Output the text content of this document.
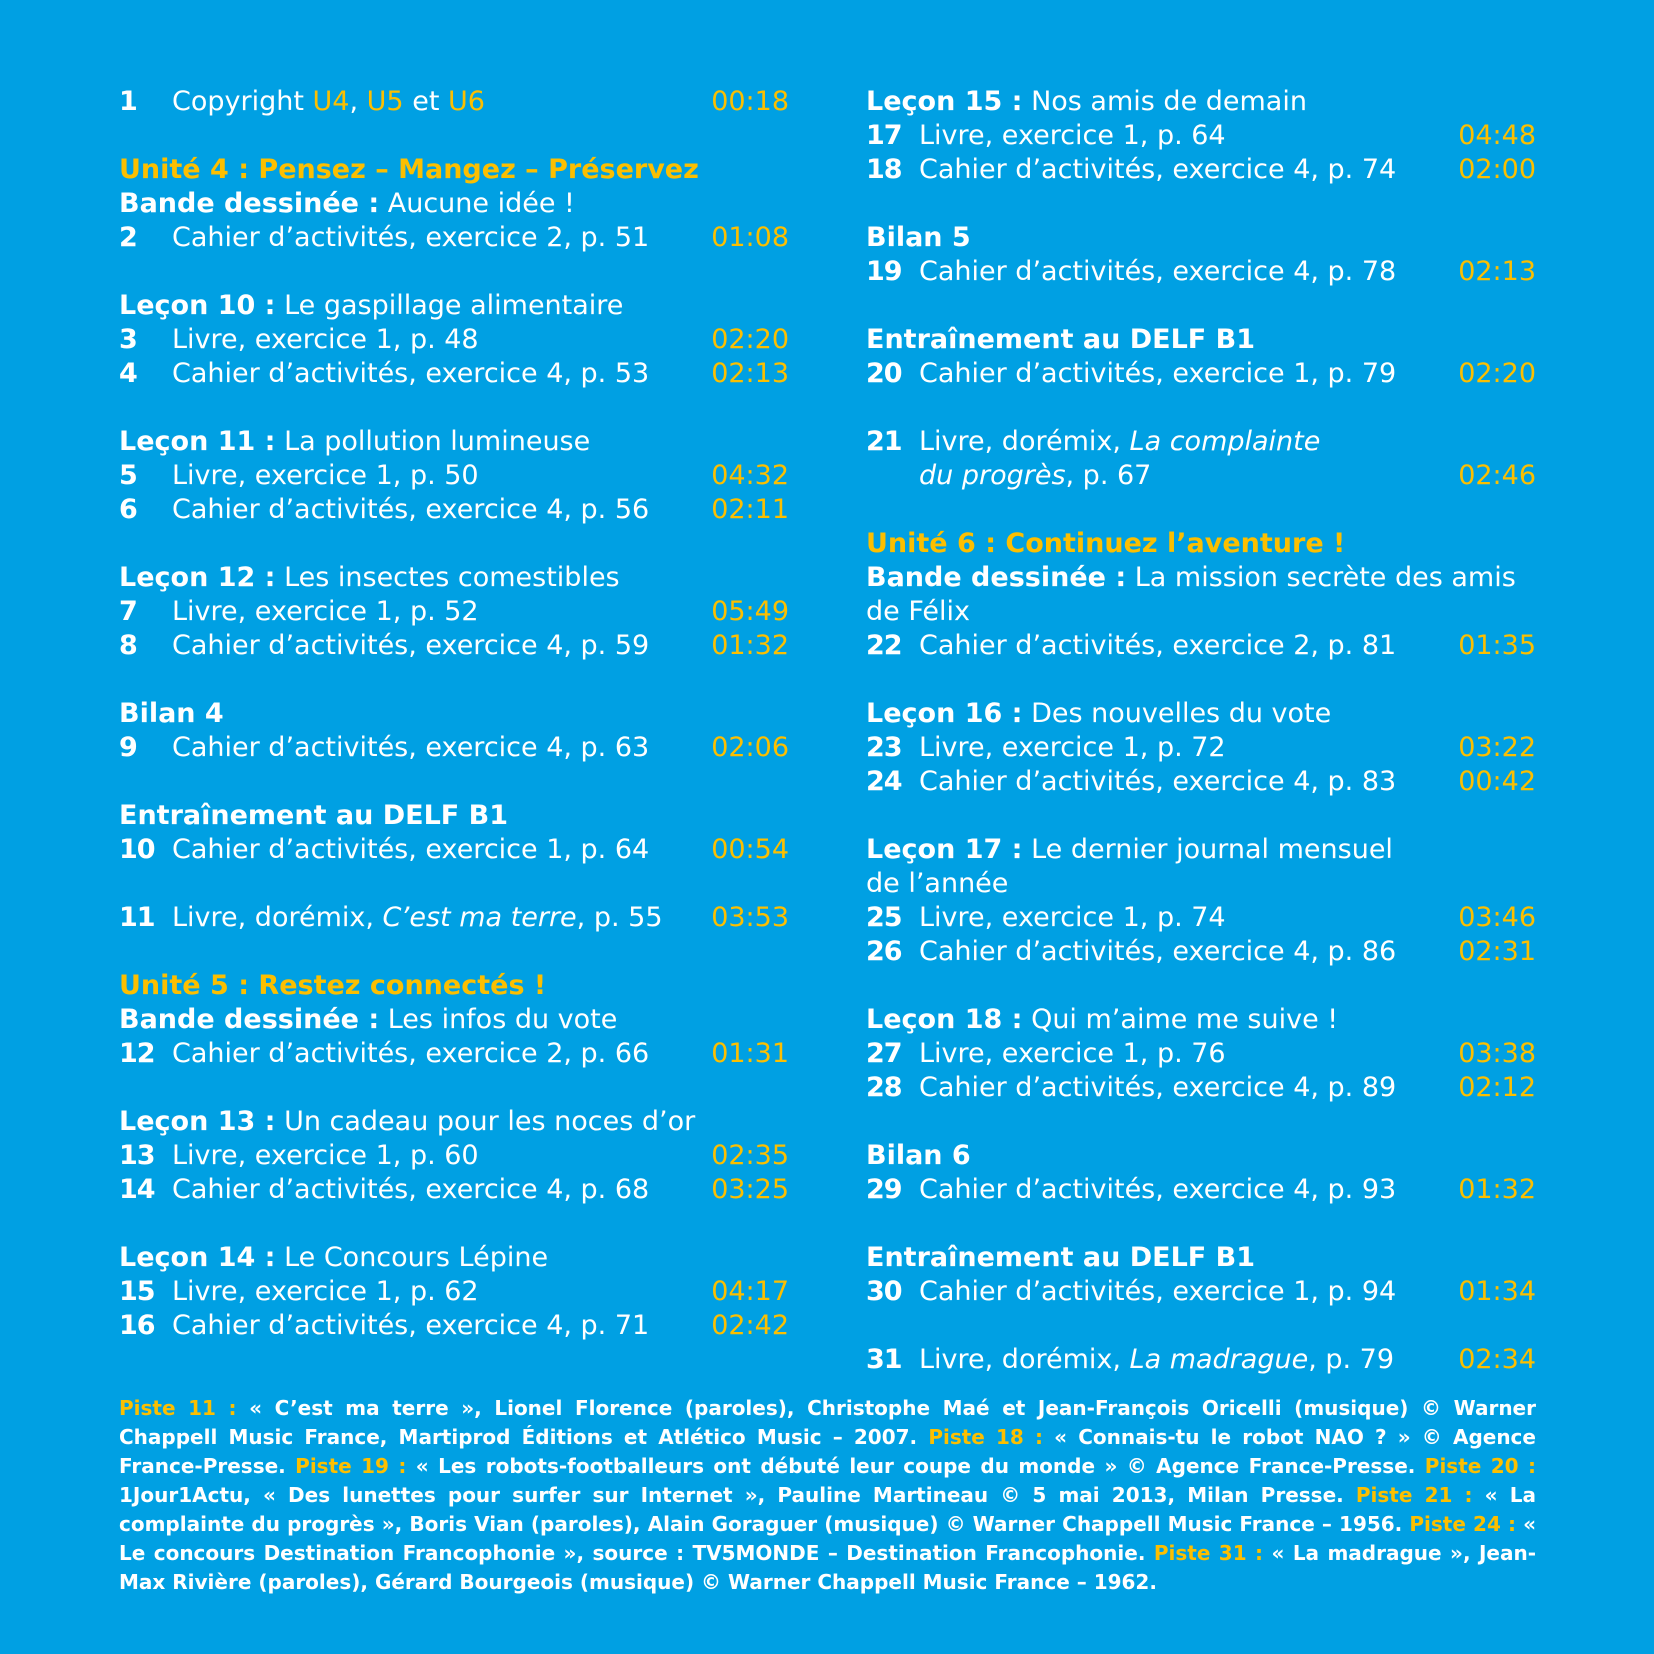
1	Copyright U4, U5 et U6	00:18
Unité 4 : Pensez – Mangez – Préservez
Bande dessinée : Aucune idée !
2	Cahier d’activités, exercice 2, p. 51	01:08
Leçon 10 : Le gaspillage alimentaire
3	Livre, exercice 1, p. 48	02:20
4	Cahier d’activités, exercice 4, p. 53	02:13
Leçon 11 : La pollution lumineuse
5	Livre, exercice 1, p. 50	04:32
6	Cahier d’activités, exercice 4, p. 56	02:11
Leçon 12 : Les insectes comestibles
7	Livre, exercice 1, p. 52	05:49
8	Cahier d’activités, exercice 4, p. 59	01:32
Bilan 4
9	Cahier d’activités, exercice 4, p. 63	02:06
Entraînement au DELF B1
10 Cahier d’activités, exercice 1, p. 64	00:54
11 Livre, dorémix, C’est ma terre, p. 55	03:53
Unité 5 : Restez connectés !
Bande dessinée : Les infos du vote
12 Cahier d’activités, exercice 2, p. 66	01:31
Leçon 13 : Un cadeau pour les noces d’or
13 Livre, exercice 1, p. 60	02:35
14 Cahier d’activités, exercice 4, p. 68	03:25
Leçon 14 : Le Concours Lépine
15 Livre, exercice 1, p. 62	04:17
16 Cahier d’activités, exercice 4, p. 71	02:42
Leçon 15 : Nos amis de demain
17 Livre, exercice 1, p. 64	04:48
18 Cahier d’activités, exercice 4, p. 74	02:00
Bilan 5
19 Cahier d’activités, exercice 4, p. 78	02:13
Entraînement au DELF B1
20 Cahier d’activités, exercice 1, p. 79	02:20
21 Livre, dorémix, La complainte
du progrès, p. 67	02:46
Unité 6 : Continuez l’aventure !
Bande dessinée : La mission secrète des amis
de Félix
22 Cahier d’activités, exercice 2, p. 81	01:35
Leçon 16 : Des nouvelles du vote
23 Livre, exercice 1, p. 72	03:22
24 Cahier d’activités, exercice 4, p. 83	00:42
Leçon 17 : Le dernier journal mensuel
de l’année
25 Livre, exercice 1, p. 74	03:46
26 Cahier d’activités, exercice 4, p. 86	02:31
Leçon 18 : Qui m’aime me suive !
27 Livre, exercice 1, p. 76	03:38
28 Cahier d’activités, exercice 4, p. 89	02:12
Bilan 6
29 Cahier d’activités, exercice 4, p. 93	01:32
Entraînement au DELF B1
30 Cahier d’activités, exercice 1, p. 94	01:34
31 Livre, dorémix, La madrague, p. 79	02:34
Piste 11 : « C’est ma terre », Lionel Florence (paroles), Christophe Maé et Jean-François Oricelli (musique) © Warner Chappell Music France, Martiprod Éditions et Atlético Music – 2007. Piste 18 : « Connais-tu le robot NAO ? » © Agence France-Presse. Piste 19 : « Les robots-footballeurs ont débuté leur coupe du monde » © Agence France-Presse. Piste 20 : 1Jour1Actu, « Des lunettes pour surfer sur Internet », Pauline Martineau © 5 mai 2013, Milan Presse. Piste 21 : « La complainte du progrès », Boris Vian (paroles), Alain Goraguer (musique) © Warner Chappell Music France – 1956. Piste 24 : « Le concours Destination Francophonie », source : TV5MONDE – Destination Francophonie. Piste 31 : « La madrague », Jean-Max Rivière (paroles), Gérard Bourgeois (musique) © Warner Chappell Music France – 1962.
